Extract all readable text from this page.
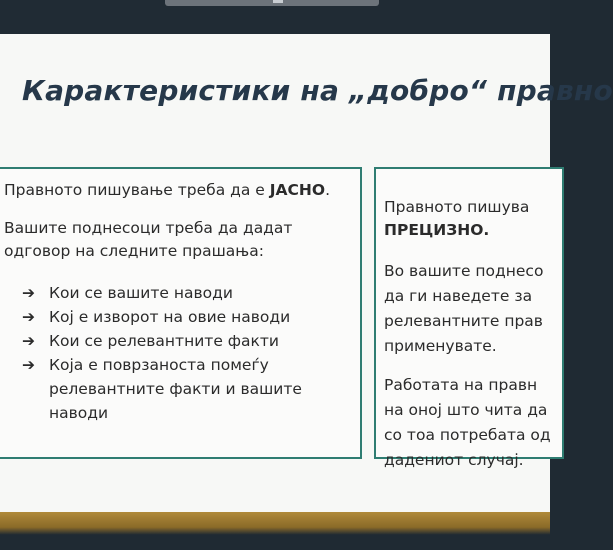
Карактеристики на „добро“ правно
Правното пишување треба да е ЈАСНО.
Вашите поднесоци треба да дадат
одговор на следните прашања:
➔ Кои се вашите наводи
➔ Кој е изворот на овие наводи
➔ Кои се релевантните факти
➔ Која е поврзаноста помеѓу
релевантните факти и вашите
наводи
Правното пишува
ПРЕЦИЗНО.
Во вашите поднесо
да ги наведете за
релевантните прав
применувате.
Работата на правн
на оној што чита да
со тоа потребата од
дадениот случај.
